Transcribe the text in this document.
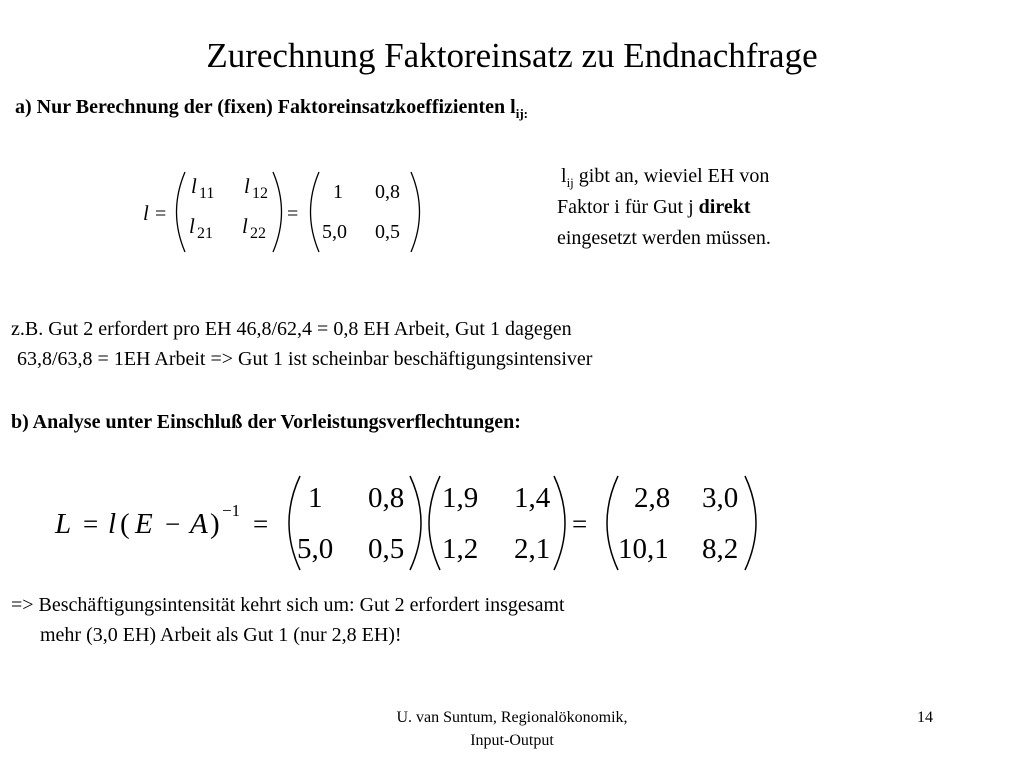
Zurechnung Faktoreinsatz zu Endnachfrage
a) Nur Berechnung der (fixen) Faktoreinsatzkoeffizienten $l_{ij:}$
l =
l 11 l 12
l 21 l 22
=
1 0,8
5,0 0,5
$l_{ij}$ gibt an, wieviel EH von
Faktor i für Gut j direkt
eingesetzt werden müssen.
z.B. Gut 2 erfordert pro EH 46,8/62,4 = 0,8 EH Arbeit, Gut 1 dagegen
63,8/63,8 = 1EH Arbeit => Gut 1 ist scheinbar beschäftigungsintensiver
b) Analyse unter Einschluß der Vorleistungsverflechtungen:
L = l ( E − A ) −1 =
1 0,8
5,0 0,5
1,9 1,4
1,2 2,1
=
2,8 3,0
10,1 8,2
=> Beschäftigungsintensität kehrt sich um: Gut 2 erfordert insgesamt
mehr (3,0 EH) Arbeit als Gut 1 (nur 2,8 EH)!
U. van Suntum, Regionalökonomik,
Input-Output
14
